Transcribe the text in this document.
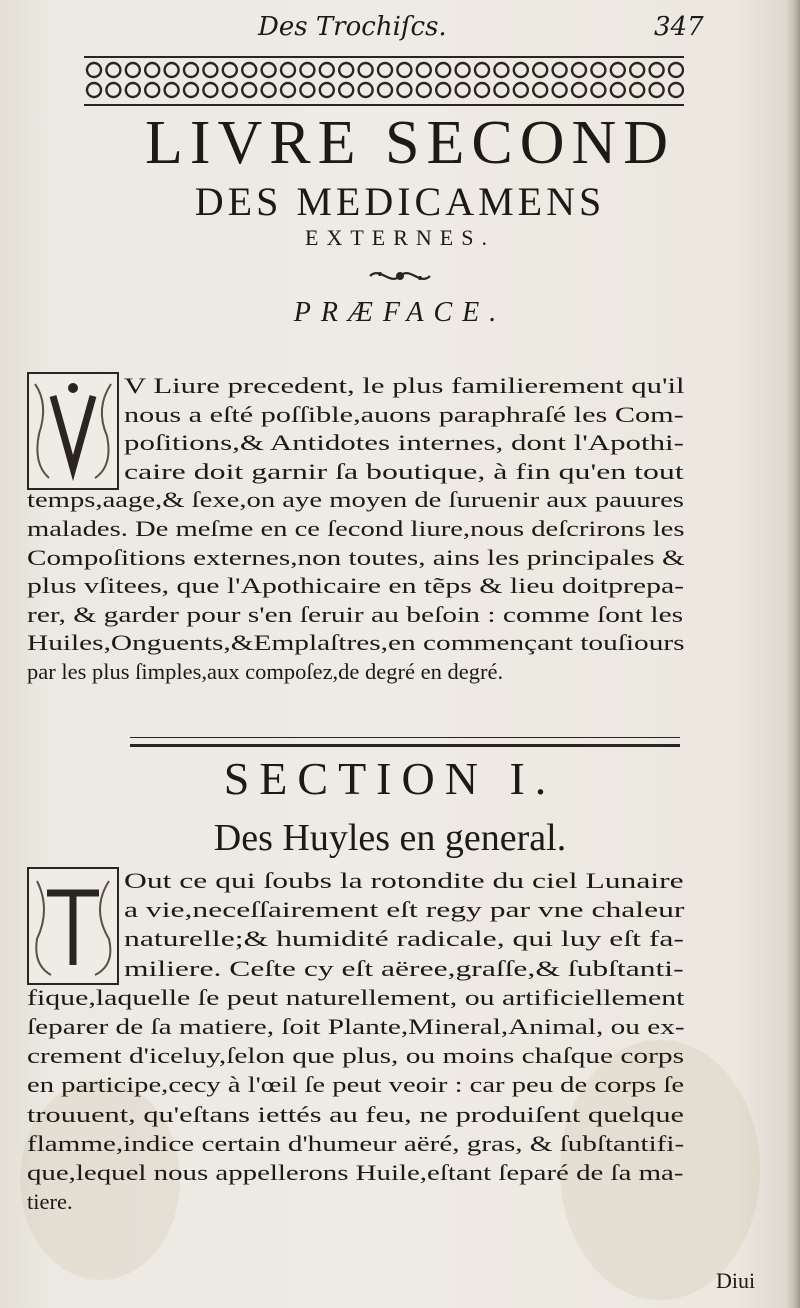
Des Trochiſcs.	347
LIVRE SECOND
DES MEDICAMENS
EXTERNES.
PRÆFACE.
V Liure precedent, le plus familierement qu'il
nous a eſté poſſible,auons paraphraſé les Com-
poſitions,& Antidotes internes, dont l'Apothi-
caire doit garnir ſa boutique, à fin qu'en tout
temps,aage,& ſexe,on aye moyen de ſuruenir aux pauures
malades. De meſme en ce ſecond liure,nous deſcrirons les
Compoſitions externes,non toutes, ains les principales &
plus vſitees, que l'Apothicaire en tẽps & lieu doitprepa-
rer, & garder pour s'en ſeruir au beſoin : comme ſont les
Huiles,Onguents,&Emplaſtres,en commençant touſiours
par les plus ſimples,aux compoſez,de degré en degré.
SECTION I.
Des Huyles en general.
Out ce qui ſoubs la rotondite du ciel Lunaire
a vie,neceſſairement eſt regy par vne chaleur
naturelle;& humidité radicale, qui luy eſt fa-
miliere. Ceſte cy eſt aëree,graſſe,& ſubſtanti-
fique,laquelle ſe peut naturellement, ou artificiellement
ſeparer de ſa matiere, ſoit Plante,Mineral,Animal, ou ex-
crement d'iceluy,ſelon que plus, ou moins chaſque corps
en participe,cecy à l'œil ſe peut veoir : car peu de corps ſe
trouuent, qu'eſtans iettés au feu, ne produiſent quelque
flamme,indice certain d'humeur aëré, gras, & ſubſtantifi-
que,lequel nous appellerons Huile,eſtant ſeparé de ſa ma-
tiere.
Diui
